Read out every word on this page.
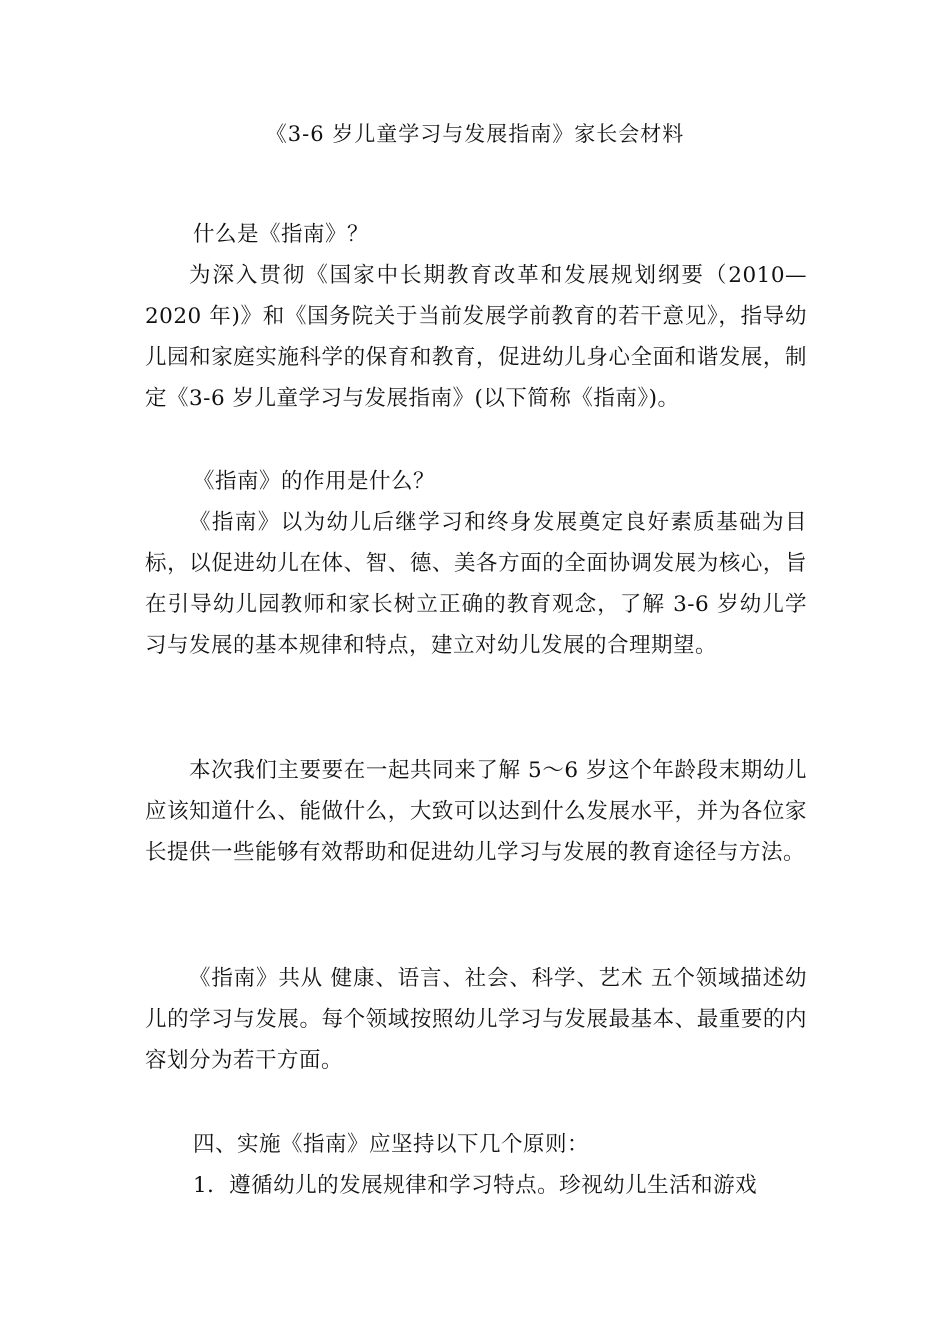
《3-6 岁儿童学习与发展指南》家长会材料

什么是《指南》？

为深入贯彻《国家中长期教育改革和发展规划纲要（2010—2020 年)》和《国务院关于当前发展学前教育的若干意见》，指导幼儿园和家庭实施科学的保育和教育，促进幼儿身心全面和谐发展，制定《3-6 岁儿童学习与发展指南》(以下简称《指南》)。

《指南》的作用是什么？

《指南》以为幼儿后继学习和终身发展奠定良好素质基础为目标，以促进幼儿在体、智、德、美各方面的全面协调发展为核心，旨在引导幼儿园教师和家长树立正确的教育观念，了解 3-6 岁幼儿学习与发展的基本规律和特点，建立对幼儿发展的合理期望。

本次我们主要要在一起共同来了解 5～6 岁这个年龄段末期幼儿应该知道什么、能做什么，大致可以达到什么发展水平，并为各位家长提供一些能够有效帮助和促进幼儿学习与发展的教育途径与方法。

《指南》共从 健康、语言、社会、科学、艺术 五个领域描述幼儿的学习与发展。每个领域按照幼儿学习与发展最基本、最重要的内容划分为若干方面。

四、实施《指南》应坚持以下几个原则：

1．遵循幼儿的发展规律和学习特点。珍视幼儿生活和游戏
